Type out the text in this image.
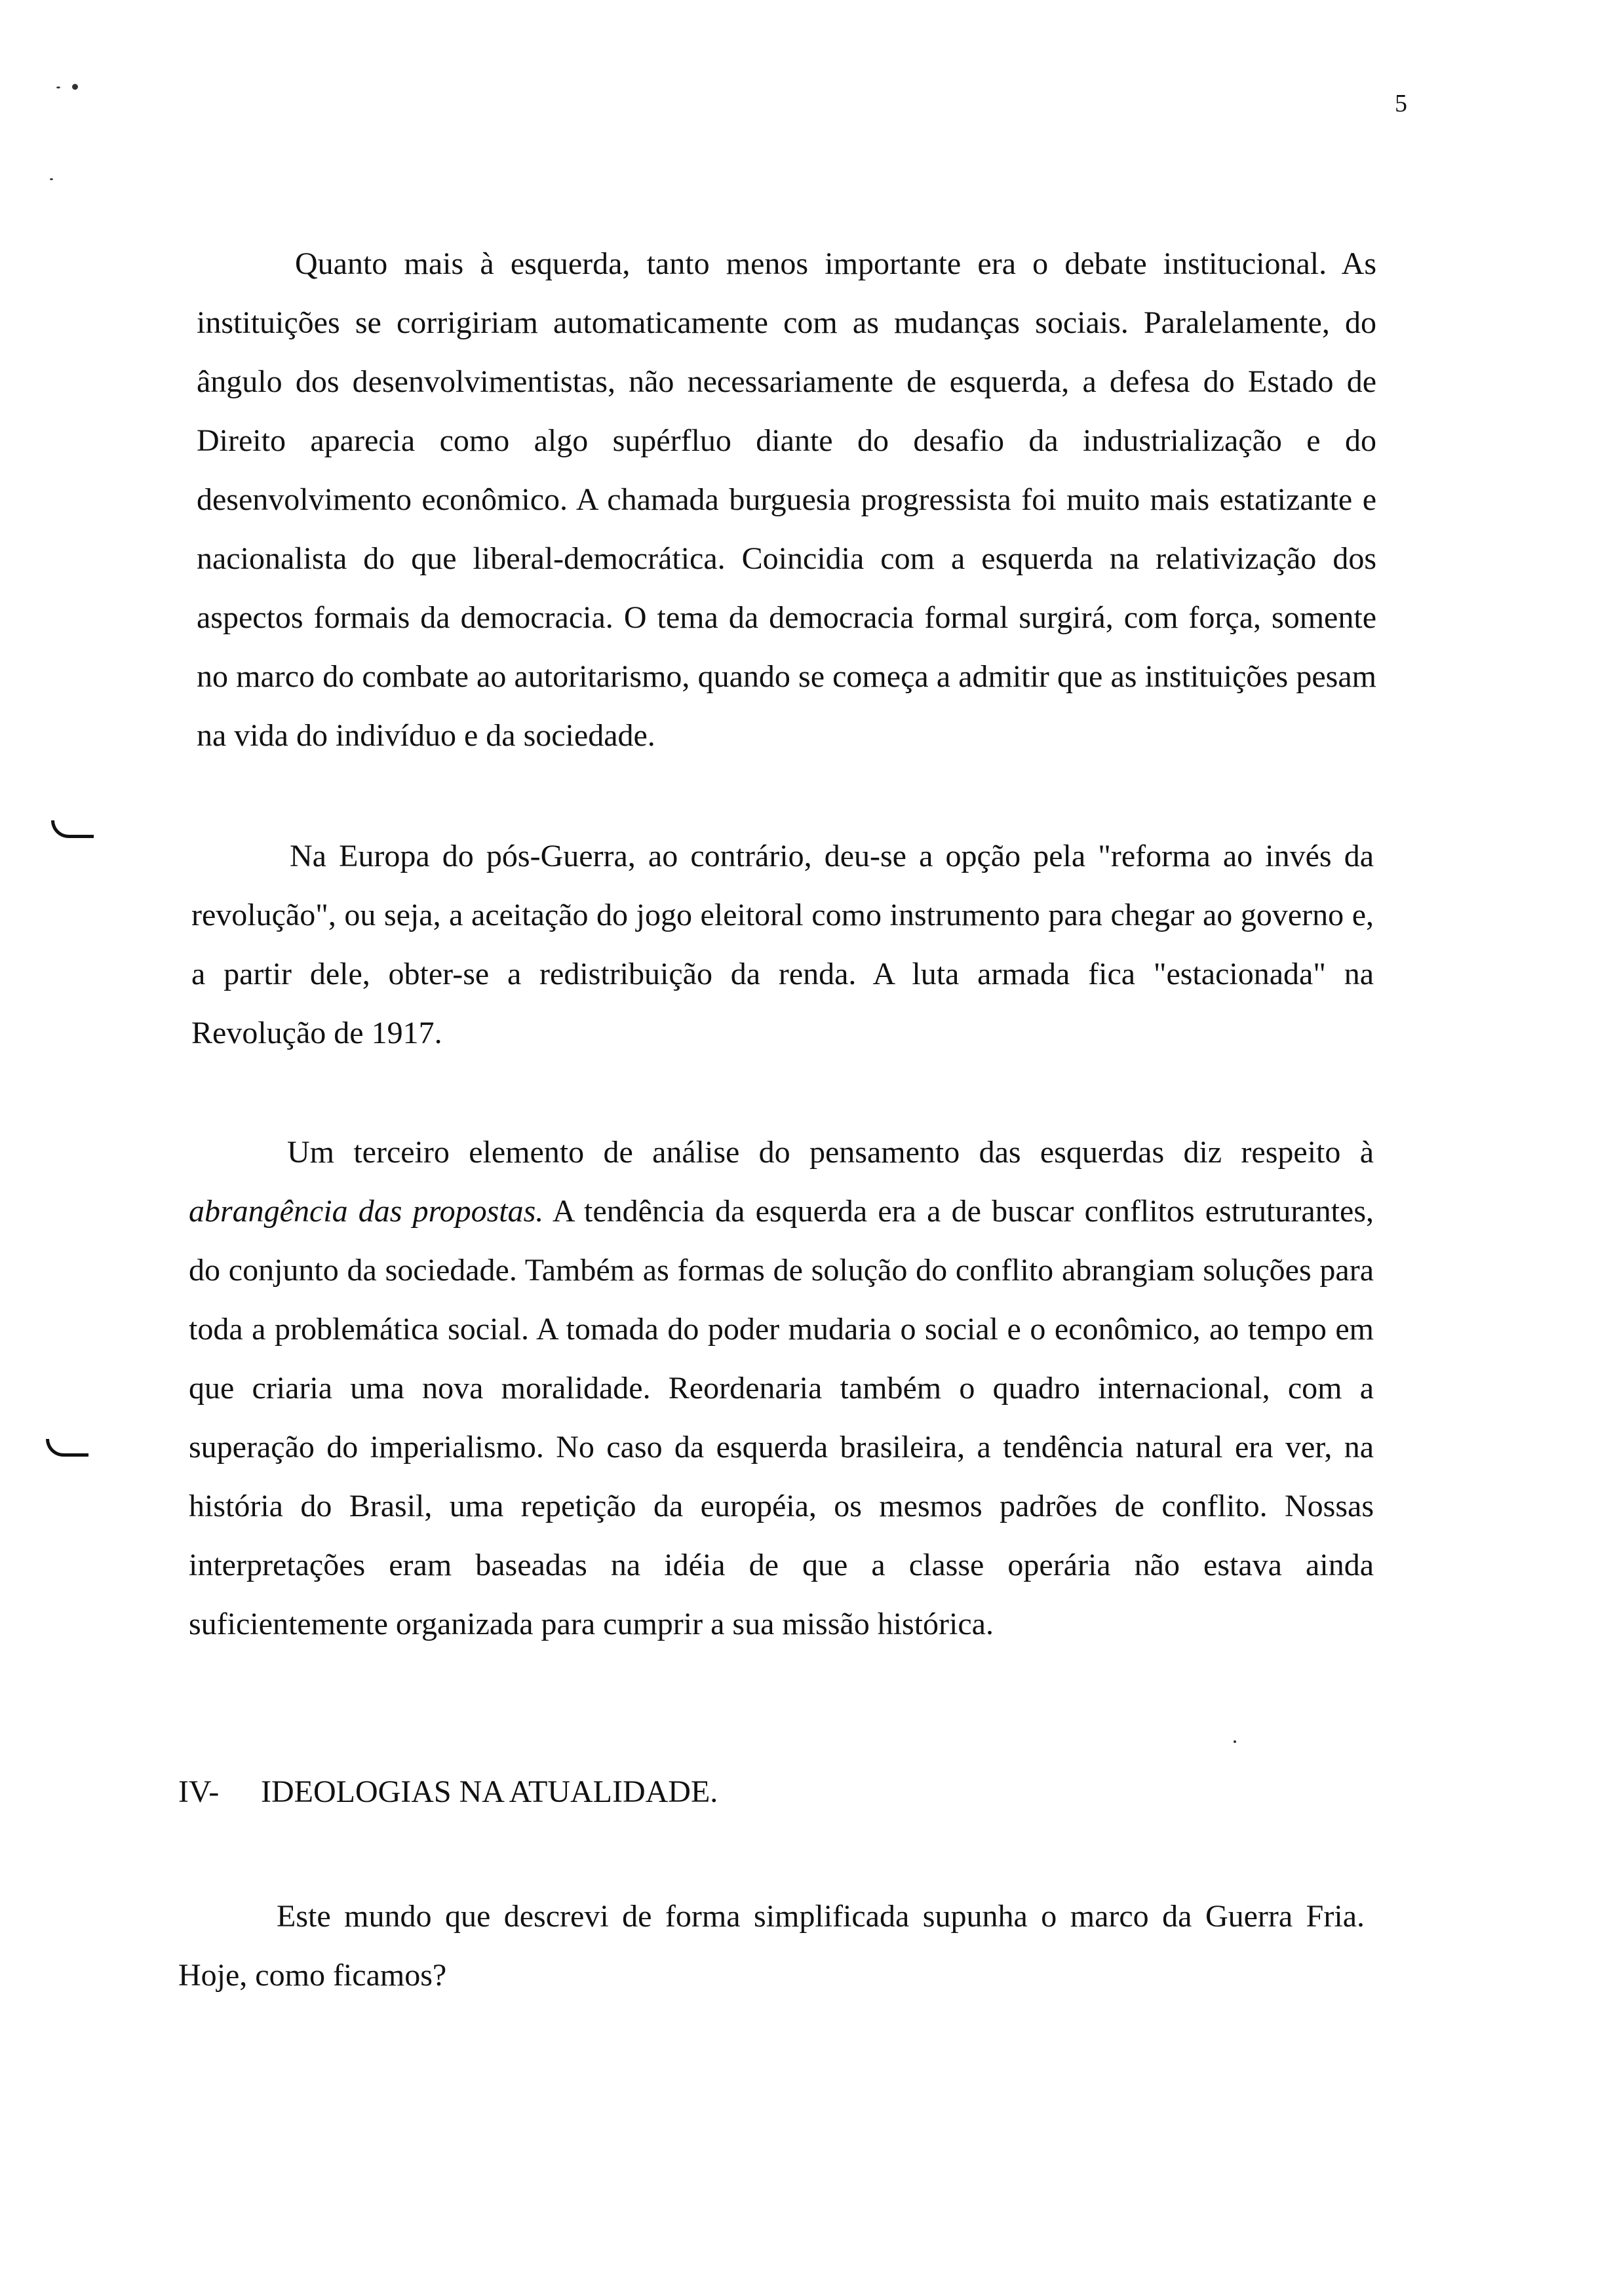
5

Quanto mais à esquerda, tanto menos importante era o debate institucional. As instituições se corrigiriam automaticamente com as mudanças sociais. Paralelamente, do ângulo dos desenvolvimentistas, não necessariamente de esquerda, a defesa do Estado de Direito aparecia como algo supérfluo diante do desafio da industrialização e do desenvolvimento econômico. A chamada burguesia progressista foi muito mais estatizante e nacionalista do que liberal-democrática. Coincidia com a esquerda na relativização dos aspectos formais da democracia. O tema da democracia formal surgirá, com força, somente no marco do combate ao autoritarismo, quando se começa a admitir que as instituições pesam na vida do indivíduo e da sociedade.

Na Europa do pós-Guerra, ao contrário, deu-se a opção pela "reforma ao invés da revolução", ou seja, a aceitação do jogo eleitoral como instrumento para chegar ao governo e, a partir dele, obter-se a redistribuição da renda. A luta armada fica "estacionada" na Revolução de 1917.

Um terceiro elemento de análise do pensamento das esquerdas diz respeito à abrangência das propostas. A tendência da esquerda era a de buscar conflitos estruturantes, do conjunto da sociedade. Também as formas de solução do conflito abrangiam soluções para toda a problemática social. A tomada do poder mudaria o social e o econômico, ao tempo em que criaria uma nova moralidade. Reordenaria também o quadro internacional, com a superação do imperialismo. No caso da esquerda brasileira, a tendência natural era ver, na história do Brasil, uma repetição da européia, os mesmos padrões de conflito. Nossas interpretações eram baseadas na idéia de que a classe operária não estava ainda suficientemente organizada para cumprir a sua missão histórica.

IV- IDEOLOGIAS NA ATUALIDADE.

Este mundo que descrevi de forma simplificada supunha o marco da Guerra Fria. Hoje, como ficamos?
